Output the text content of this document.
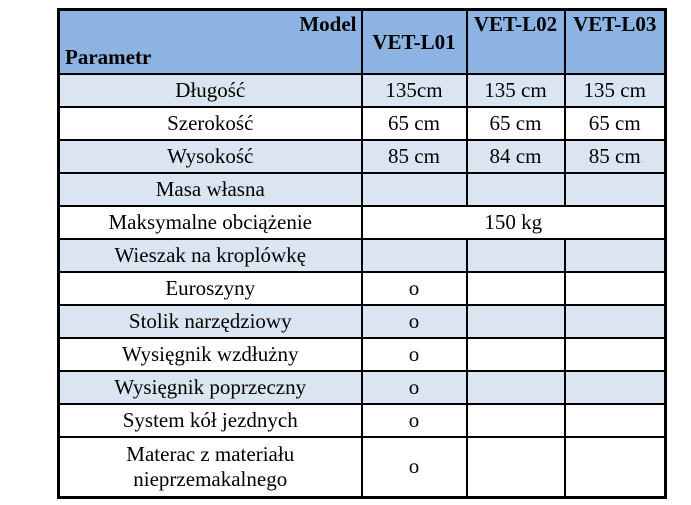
Model
Parametr	VET-L01	VET-L02	VET-L03
Długość	135cm	135 cm	135 cm
Szerokość	65 cm	65 cm	65 cm
Wysokość	85 cm	84 cm	85 cm
Masa własna			
Maksymalne obciążenie	150 kg		
Wieszak na kroplówkę			
Euroszyny	o		
Stolik narzędziowy	o		
Wysięgnik wzdłużny	o		
Wysięgnik poprzeczny	o		
System kół jezdnych	o		
Materac z materiału nieprzemakalnego	o		
